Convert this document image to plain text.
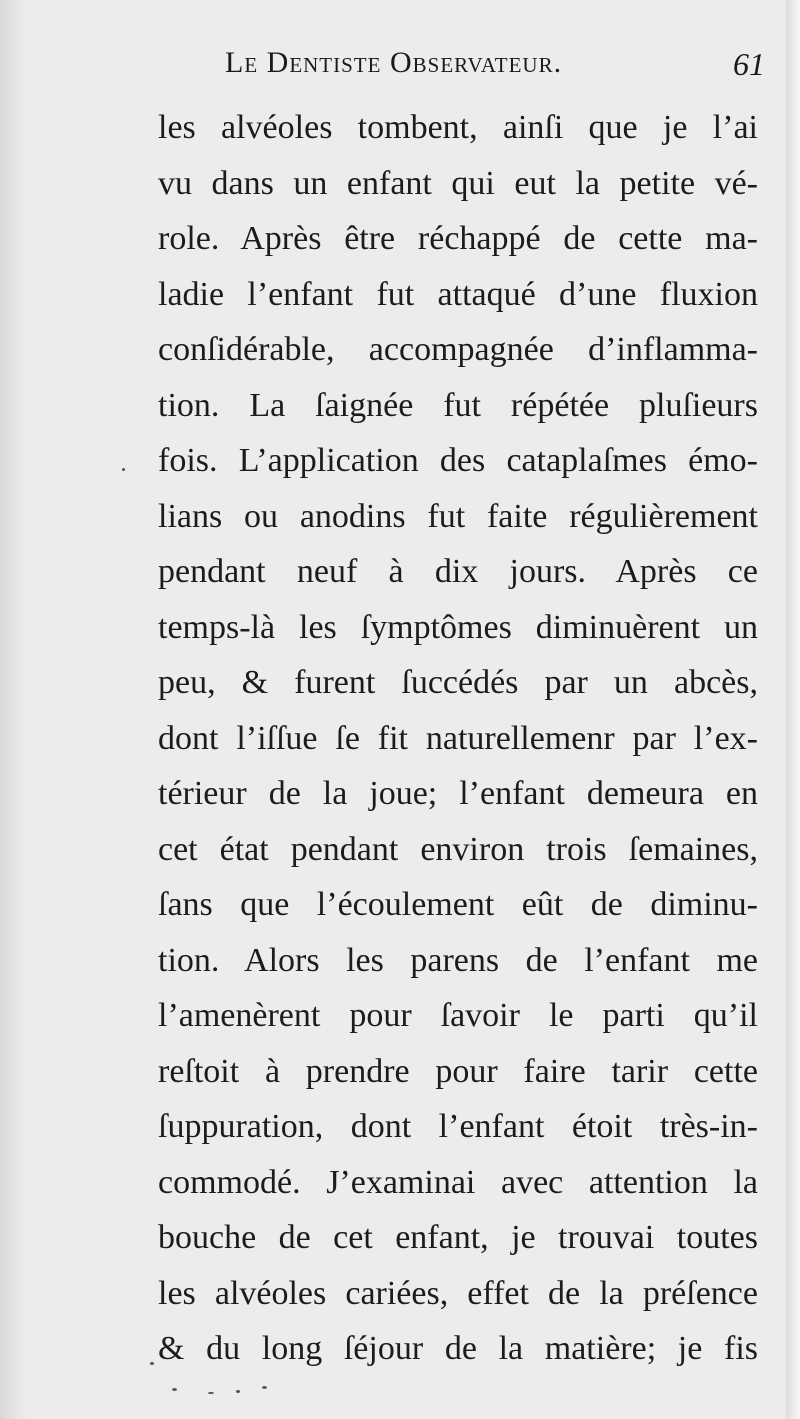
Le Dentiste Observateur.	61
les alvéoles tombent, ainſi que je l’ai
vu dans un enfant qui eut la petite vé-
role. Après être réchappé de cette ma-
ladie l’enfant fut attaqué d’une fluxion
conſidérable, accompagnée d’inflamma-
tion. La ſaignée fut répétée pluſieurs
fois. L’application des cataplaſmes émo-
lians ou anodins fut faite régulièrement
pendant neuf à dix jours. Après ce
temps-là les ſymptômes diminuèrent un
peu, & furent ſuccédés par un abcès,
dont l’iſſue ſe fit naturellemenr par l’ex-
térieur de la joue; l’enfant demeura en
cet état pendant environ trois ſemaines,
ſans que l’écoulement eût de diminu-
tion. Alors les parens de l’enfant me
l’amenèrent pour ſavoir le parti qu’il
reſtoit à prendre pour faire tarir cette
ſuppuration, dont l’enfant étoit très-in-
commodé. J’examinai avec attention la
bouche de cet enfant, je trouvai toutes
les alvéoles cariées, effet de la préſence
& du long ſéjour de la matière; je fis
